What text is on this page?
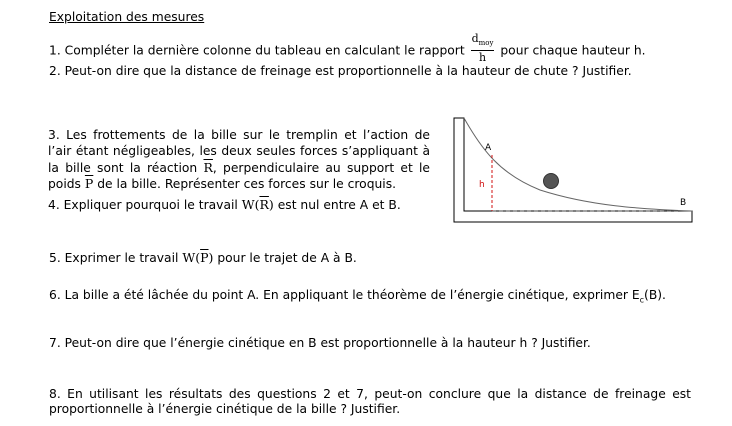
Exploitation des mesures
1. Compléter la dernière colonne du tableau en calculant le rapport $\frac{d_{moy}}{h}$ pour chaque hauteur h.
2. Peut-on dire que la distance de freinage est proportionnelle à la hauteur de chute ? Justifier.
3. Les frottements de la bille sur le tremplin et l’action de
l’air étant négligeables, les deux seules forces s’appliquant à
la bille sont la réaction $\overline{R}$, perpendiculaire au support et le
poids $\overline{P}$ de la bille. Représenter ces forces sur le croquis.
4. Expliquer pourquoi le travail $W(\overline{R})$ est nul entre A et B.
5. Exprimer le travail $W(\overline{P})$ pour le trajet de A à B.
6. La bille a été lâchée du point A. En appliquant le théorème de l’énergie cinétique, exprimer $E_c(B)$.
7. Peut-on dire que l’énergie cinétique en B est proportionnelle à la hauteur h ? Justifier.
8. En utilisant les résultats des questions 2 et 7, peut-on conclure que la distance de freinage est
proportionnelle à l’énergie cinétique de la bille ? Justifier.
A
h
B
